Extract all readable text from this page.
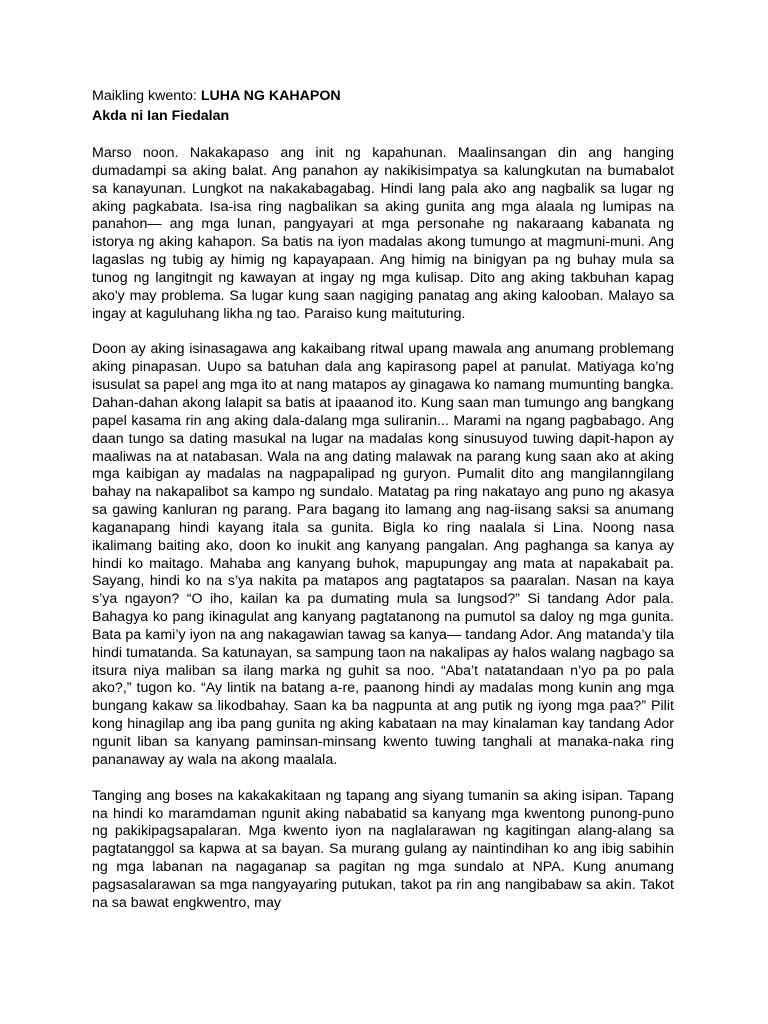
Maikling kwento: LUHA NG KAHAPON

Akda ni Ian Fiedalan

Marso noon. Nakakapaso ang init ng kapahunan. Maalinsangan din ang hanging dumadampi sa aking balat. Ang panahon ay nakikisimpatya sa kalungkutan na bumabalot sa kanayunan. Lungkot na nakakabagabag. Hindi lang pala ako ang nagbalik sa lugar ng aking pagkabata. Isa-isa ring nagbalikan sa aking gunita ang mga alaala ng lumipas na panahon— ang mga lunan, pangyayari at mga personahe ng nakaraang kabanata ng istorya ng aking kahapon. Sa batis na iyon madalas akong tumungo at magmuni-muni. Ang lagaslas ng tubig ay himig ng kapayapaan. Ang himig na binigyan pa ng buhay mula sa tunog ng langitngit ng kawayan at ingay ng mga kulisap. Dito ang aking takbuhan kapag ako'y may problema. Sa lugar kung saan nagiging panatag ang aking kalooban. Malayo sa ingay at kaguluhang likha ng tao. Paraiso kung maituturing.

Doon ay aking isinasagawa ang kakaibang ritwal upang mawala ang anumang problemang aking pinapasan. Uupo sa batuhan dala ang kapirasong papel at panulat. Matiyaga ko'ng isusulat sa papel ang mga ito at nang matapos ay ginagawa ko namang mumunting bangka. Dahan-dahan akong lalapit sa batis at ipaaanod ito. Kung saan man tumungo ang bangkang papel kasama rin ang aking dala-dalang mga suliranin... Marami na ngang pagbabago. Ang daan tungo sa dating masukal na lugar na madalas kong sinusuyod tuwing dapit-hapon ay maaliwas na at natabasan. Wala na ang dating malawak na parang kung saan ako at aking mga kaibigan ay madalas na nagpapalipad ng guryon. Pumalit dito ang mangilanngilang bahay na nakapalibot sa kampo ng sundalo. Matatag pa ring nakatayo ang puno ng akasya sa gawing kanluran ng parang. Para bagang ito lamang ang nag-iisang saksi sa anumang kaganapang hindi kayang itala sa gunita. Bigla ko ring naalala si Lina. Noong nasa ikalimang baiting ako, doon ko inukit ang kanyang pangalan. Ang paghanga sa kanya ay hindi ko maitago. Mahaba ang kanyang buhok, mapupungay ang mata at napakabait pa. Sayang, hindi ko na s’ya nakita pa matapos ang pagtatapos sa paaralan. Nasan na kaya s’ya ngayon? “O iho, kailan ka pa dumating mula sa lungsod?” Si tandang Ador pala. Bahagya ko pang ikinagulat ang kanyang pagtatanong na pumutol sa daloy ng mga gunita. Bata pa kami’y iyon na ang nakagawian tawag sa kanya— tandang Ador. Ang matanda’y tila hindi tumatanda. Sa katunayan, sa sampung taon na nakalipas ay halos walang nagbago sa itsura niya maliban sa ilang marka ng guhit sa noo. “Aba’t natatandaan n’yo pa po pala ako?,” tugon ko. “Ay lintik na batang a-re, paanong hindi ay madalas mong kunin ang mga bungang kakaw sa likodbahay. Saan ka ba nagpunta at ang putik ng iyong mga paa?” Pilit kong hinagilap ang iba pang gunita ng aking kabataan na may kinalaman kay tandang Ador ngunit liban sa kanyang paminsan-minsang kwento tuwing tanghali at manaka-naka ring pananaway ay wala na akong maalala.

Tanging ang boses na kakakakitaan ng tapang ang siyang tumanin sa aking isipan. Tapang na hindi ko maramdaman ngunit aking nababatid sa kanyang mga kwentong punong-puno ng pakikipagsapalaran. Mga kwento iyon na naglalarawan ng kagitingan alang-alang sa pagtatanggol sa kapwa at sa bayan. Sa murang gulang ay naintindihan ko ang ibig sabihin ng mga labanan na nagaganap sa pagitan ng mga sundalo at NPA. Kung anumang pagsasalarawan sa mga nangyayaring putukan, takot pa rin ang nangibabaw sa akin. Takot na sa bawat engkwentro, may
